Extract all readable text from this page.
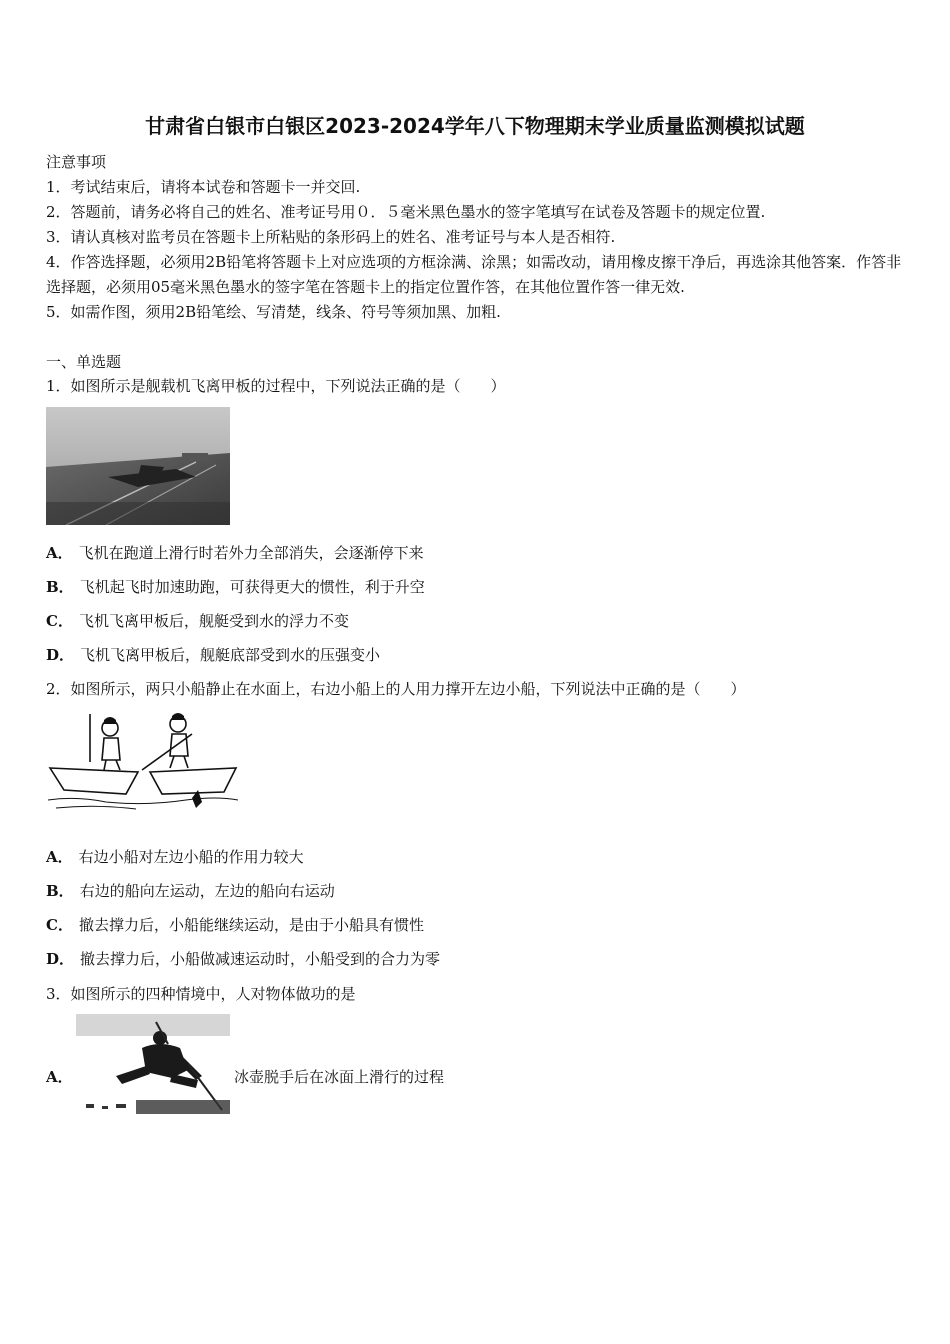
甘肃省白银市白银区2023-2024学年八下物理期末学业质量监测模拟试题
注意事项
1．考试结束后，请将本试卷和答题卡一并交回.
2．答题前，请务必将自己的姓名、准考证号用０．５毫米黑色墨水的签字笔填写在试卷及答题卡的规定位置.
3．请认真核对监考员在答题卡上所粘贴的条形码上的姓名、准考证号与本人是否相符.
4．作答选择题，必须用2B铅笔将答题卡上对应选项的方框涂满、涂黑；如需改动，请用橡皮擦干净后，再选涂其他答案．作答非选择题，必须用05毫米黑色墨水的签字笔在答题卡上的指定位置作答，在其他位置作答一律无效.
5．如需作图，须用2B铅笔绘、写清楚，线条、符号等须加黑、加粗.
一、单选题
1．如图所示是舰载机飞离甲板的过程中，下列说法正确的是（　　）
A． 飞机在跑道上滑行时若外力全部消失，会逐渐停下来
B． 飞机起飞时加速助跑，可获得更大的惯性，利于升空
C． 飞机飞离甲板后，舰艇受到水的浮力不变
D． 飞机飞离甲板后，舰艇底部受到水的压强变小
2．如图所示，两只小船静止在水面上，右边小船上的人用力撑开左边小船，下列说法中正确的是（　　）
A． 右边小船对左边小船的作用力较大
B． 右边的船向左运动，左边的船向右运动
C． 撤去撑力后，小船能继续运动，是由于小船具有惯性
D． 撤去撑力后，小船做减速运动时，小船受到的合力为零
3．如图所示的四种情境中，人对物体做功的是
A．	冰壶脱手后在冰面上滑行的过程
